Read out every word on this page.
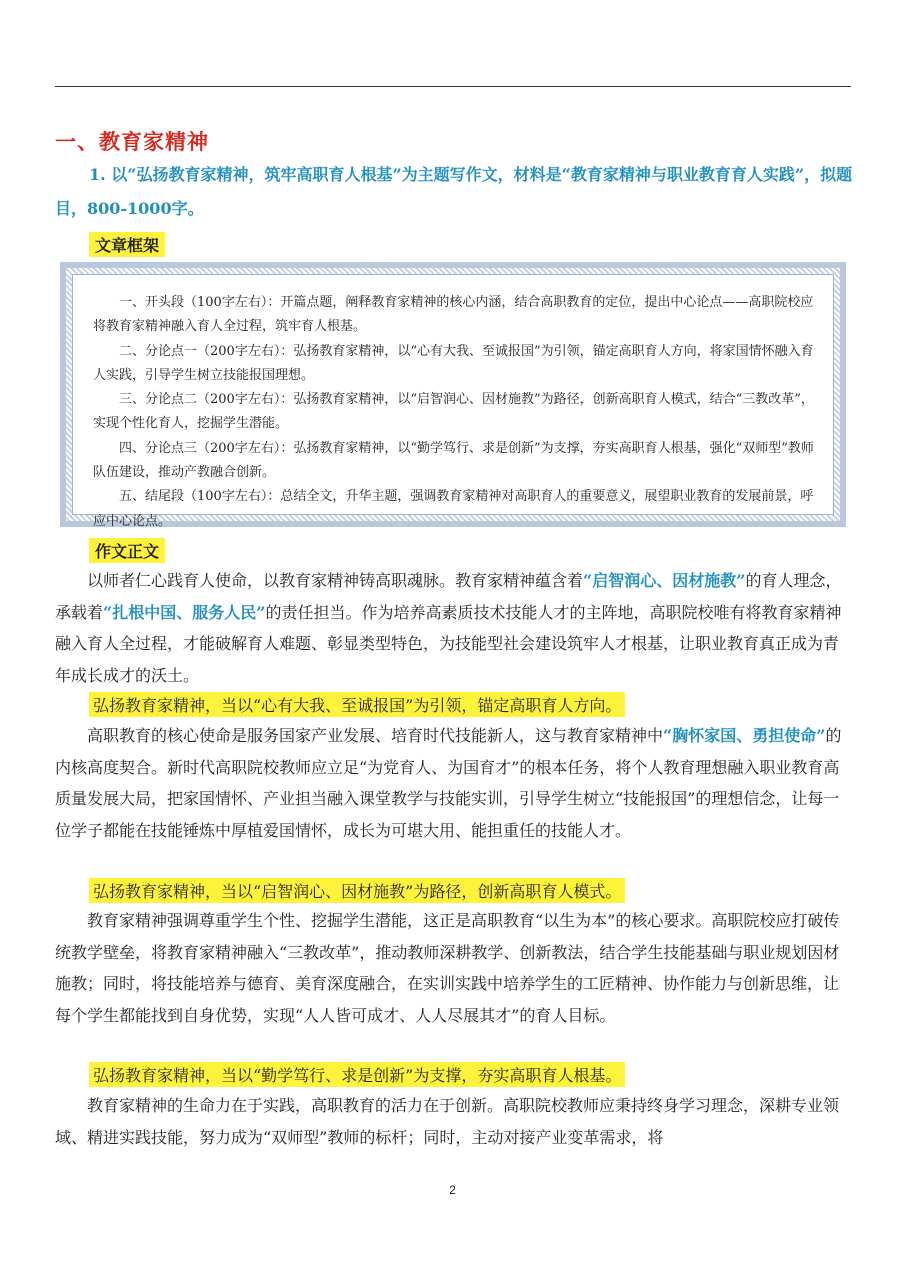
一、教育家精神
1. 以“弘扬教育家精神，筑牢高职育人根基”为主题写作文，材料是“教育家精神与职业教育育人实践”，拟题目，800-1000字。
文章框架

一、开头段（100字左右）：开篇点题，阐释教育家精神的核心内涵，结合高职教育的定位，提出中心论点——高职院校应将教育家精神融入育人全过程，筑牢育人根基。

二、分论点一（200字左右）：弘扬教育家精神，以“心有大我、至诚报国”为引领，锚定高职育人方向，将家国情怀融入育人实践，引导学生树立技能报国理想。

三、分论点二（200字左右）：弘扬教育家精神，以“启智润心、因材施教”为路径，创新高职育人模式，结合“三教改革”，实现个性化育人，挖掘学生潜能。

四、分论点三（200字左右）：弘扬教育家精神，以“勤学笃行、求是创新”为支撑，夯实高职育人根基，强化“双师型”教师队伍建设，推动产教融合创新。

五、结尾段（100字左右）：总结全文，升华主题，强调教育家精神对高职育人的重要意义，展望职业教育的发展前景，呼应中心论点。

作文正文

以师者仁心践育人使命，以教育家精神铸高职魂脉。教育家精神蕴含着“启智润心、因材施教”的育人理念，承载着“扎根中国、服务人民”的责任担当。作为培养高素质技术技能人才的主阵地，高职院校唯有将教育家精神融入育人全过程，才能破解育人难题、彰显类型特色，为技能型社会建设筑牢人才根基，让职业教育真正成为青年成长成才的沃土。

弘扬教育家精神，当以“心有大我、至诚报国”为引领，锚定高职育人方向。

高职教育的核心使命是服务国家产业发展、培育时代技能新人，这与教育家精神中“胸怀家国、勇担使命”的内核高度契合。新时代高职院校教师应立足“为党育人、为国育才”的根本任务，将个人教育理想融入职业教育高质量发展大局，把家国情怀、产业担当融入课堂教学与技能实训，引导学生树立“技能报国”的理想信念，让每一位学子都能在技能锤炼中厚植爱国情怀，成长为可堪大用、能担重任的技能人才。

弘扬教育家精神，当以“启智润心、因材施教”为路径，创新高职育人模式。

教育家精神强调尊重学生个性、挖掘学生潜能，这正是高职教育“以生为本”的核心要求。高职院校应打破传统教学壁垒，将教育家精神融入“三教改革”，推动教师深耕教学、创新教法，结合学生技能基础与职业规划因材施教；同时，将技能培养与德育、美育深度融合，在实训实践中培养学生的工匠精神、协作能力与创新思维，让每个学生都能找到自身优势，实现“人人皆可成才、人人尽展其才”的育人目标。

弘扬教育家精神，当以“勤学笃行、求是创新”为支撑，夯实高职育人根基。

教育家精神的生命力在于实践，高职教育的活力在于创新。高职院校教师应秉持终身学习理念，深耕专业领域、精进实践技能，努力成为“双师型”教师的标杆；同时，主动对接产业变革需求，将

2
